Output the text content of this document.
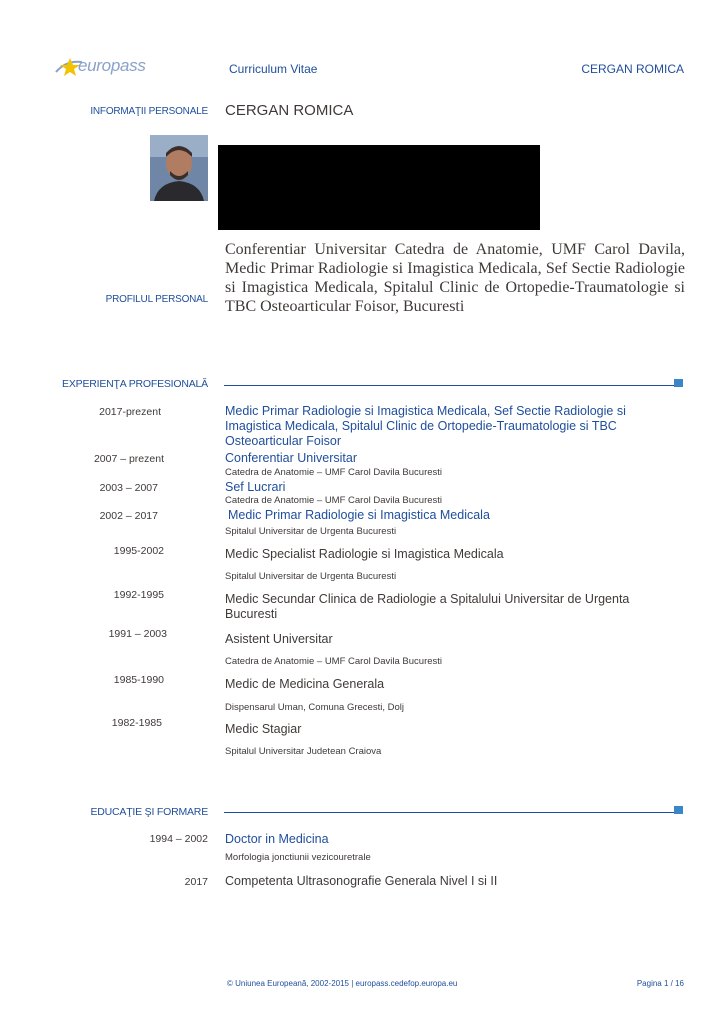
europass	Curriculum Vitae	CERGAN ROMICA
INFORMAŢII PERSONALE CERGAN ROMICA
PROFILUL PERSONAL
Conferentiar Universitar Catedra de Anatomie, UMF Carol Davila, Medic Primar Radiologie si Imagistica Medicala, Sef Sectie Radiologie si Imagistica Medicala, Spitalul Clinic de Ortopedie-Traumatologie si TBC Osteoarticular Foisor, Bucuresti
EXPERIENŢA PROFESIONALĂ
2017-prezent	Medic Primar Radiologie si Imagistica Medicala, Sef Sectie Radiologie si Imagistica Medicala, Spitalul Clinic de Ortopedie-Traumatologie si TBC Osteoarticular Foisor
2007 – prezent	Conferentiar Universitar
Catedra de Anatomie – UMF Carol Davila Bucuresti
2003 – 2007	Sef Lucrari
Catedra de Anatomie – UMF Carol Davila Bucuresti
2002 – 2017	Medic Primar Radiologie si Imagistica Medicala
Spitalul Universitar de Urgenta Bucuresti
1995-2002	Medic Specialist Radiologie si Imagistica Medicala
Spitalul Universitar de Urgenta Bucuresti
1992-1995	Medic Secundar Clinica de Radiologie a Spitalului Universitar de Urgenta Bucuresti
1991 – 2003	Asistent Universitar
Catedra de Anatomie – UMF Carol Davila Bucuresti
1985-1990	Medic de Medicina Generala
Dispensarul Uman, Comuna Grecesti, Dolj
1982-1985	Medic Stagiar
Spitalul Universitar Judetean Craiova
EDUCAŢIE ŞI FORMARE
1994 – 2002 Doctor in Medicina
Morfologia jonctiunii vezicouretrale
2017 Competenta Ultrasonografie Generala Nivel I si II
© Uniunea Europeană, 2002-2015 | europass.cedefop.europa.eu	Pagina 1 / 16
